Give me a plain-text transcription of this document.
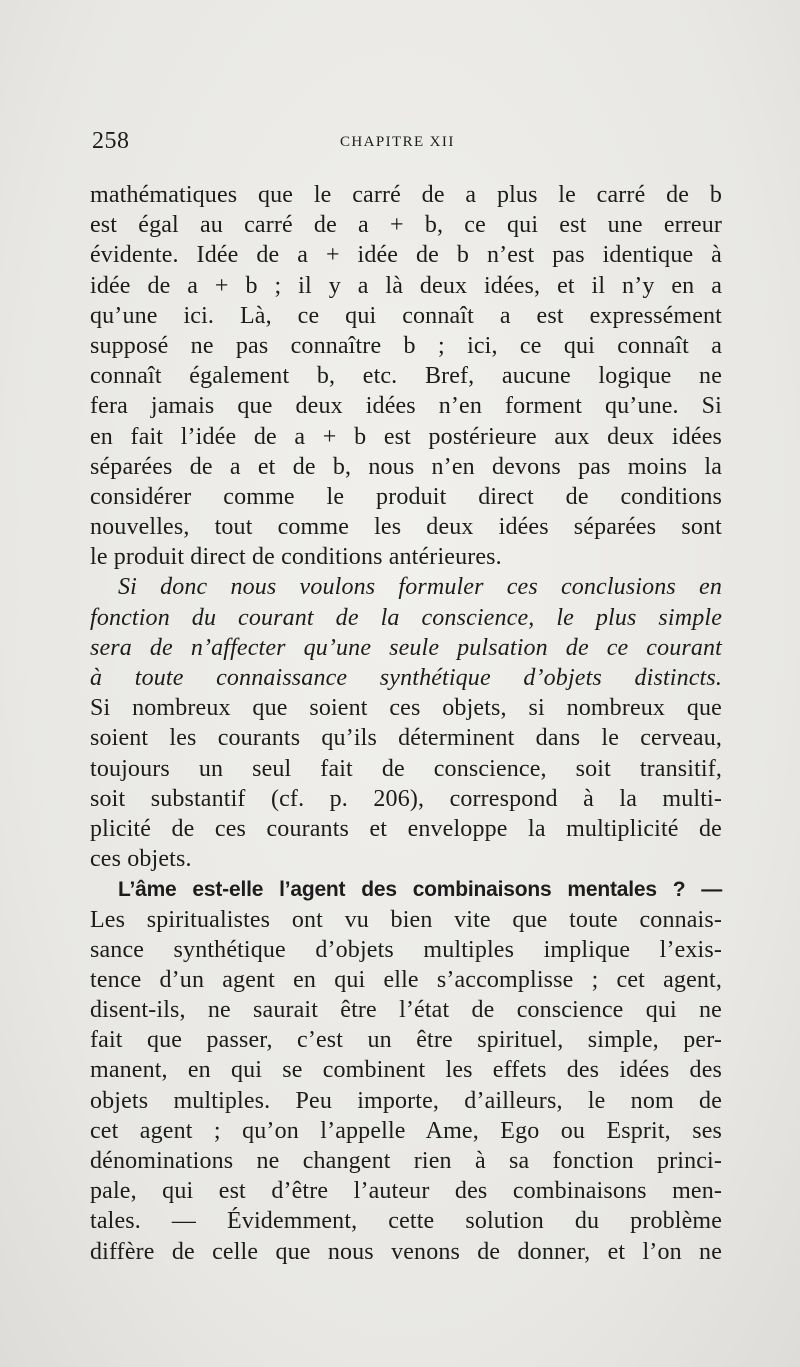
258	CHAPITRE XII
mathématiques que le carré de a plus le carré de b
est égal au carré de a + b, ce qui est une erreur
évidente. Idée de a + idée de b n’est pas identique à
idée de a + b ; il y a là deux idées, et il n’y en a
qu’une ici. Là, ce qui connaît a est expressément
supposé ne pas connaître b ; ici, ce qui connaît a
connaît également b, etc. Bref, aucune logique ne
fera jamais que deux idées n’en forment qu’une. Si
en fait l’idée de a + b est postérieure aux deux idées
séparées de a et de b, nous n’en devons pas moins la
considérer comme le produit direct de conditions
nouvelles, tout comme les deux idées séparées sont
le produit direct de conditions antérieures.
Si donc nous voulons formuler ces conclusions en
fonction du courant de la conscience, le plus simple
sera de n’affecter qu’une seule pulsation de ce courant
à toute connaissance synthétique d’objets distincts.
Si nombreux que soient ces objets, si nombreux que
soient les courants qu’ils déterminent dans le cerveau,
toujours un seul fait de conscience, soit transitif,
soit substantif (cf. p. 206), correspond à la multi-
plicité de ces courants et enveloppe la multiplicité de
ces objets.
L’âme est-elle l’agent des combinaisons mentales ? —
Les spiritualistes ont vu bien vite que toute connais-
sance synthétique d’objets multiples implique l’exis-
tence d’un agent en qui elle s’accomplisse ; cet agent,
disent-ils, ne saurait être l’état de conscience qui ne
fait que passer, c’est un être spirituel, simple, per-
manent, en qui se combinent les effets des idées des
objets multiples. Peu importe, d’ailleurs, le nom de
cet agent ; qu’on l’appelle Ame, Ego ou Esprit, ses
dénominations ne changent rien à sa fonction princi-
pale, qui est d’être l’auteur des combinaisons men-
tales. — Évidemment, cette solution du problème
diffère de celle que nous venons de donner, et l’on ne
